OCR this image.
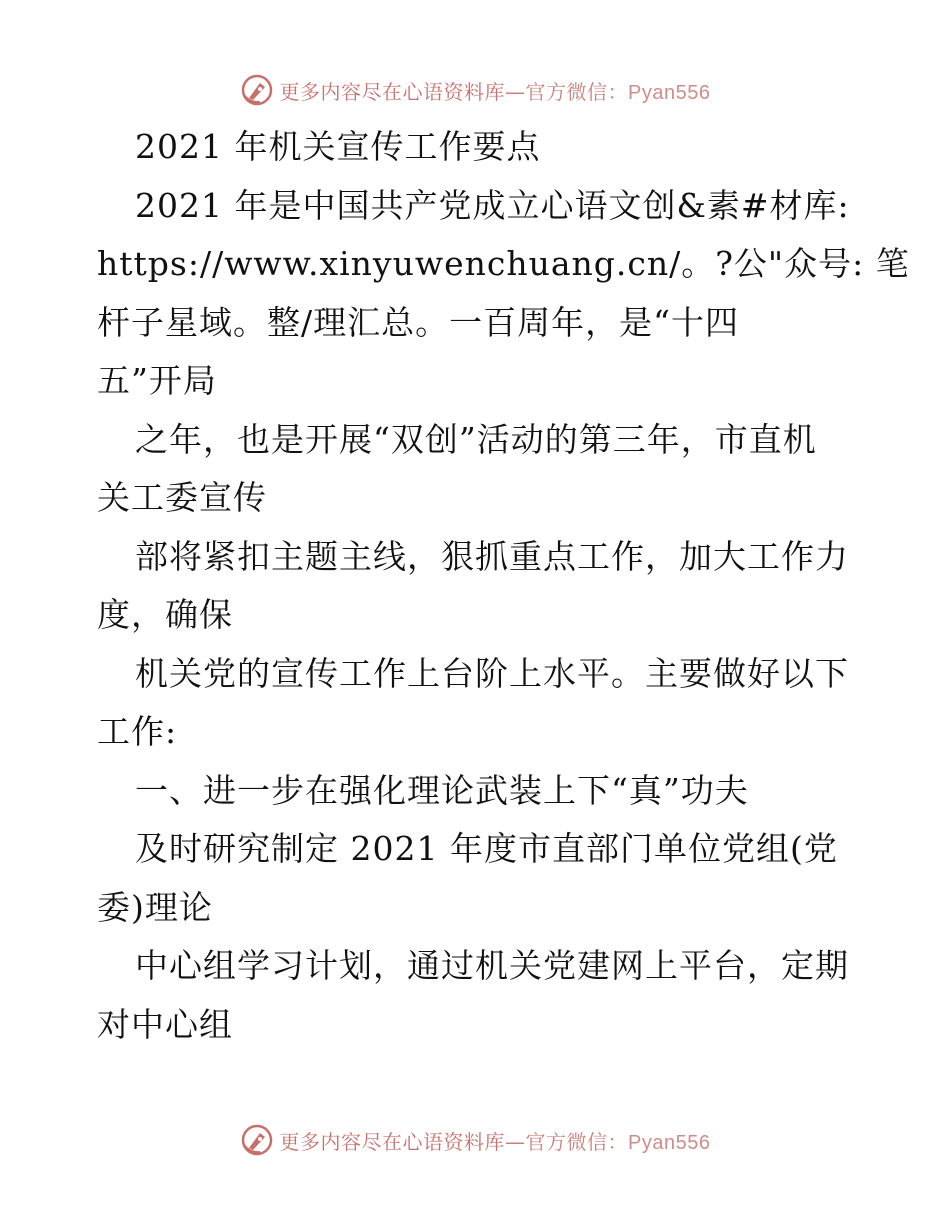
更多内容尽在心语资料库—官方微信：Pyan556
2021 年机关宣传工作要点
2021 年是中国共产党成立心语文创&素#材库:
https://www.xinyuwenchuang.cn/。?公"众号: 笔
杆子星域。整/理汇总。一百周年，是“十四
五”开局
之年，也是开展“双创”活动的第三年，市直机
关工委宣传
部将紧扣主题主线，狠抓重点工作，加大工作力
度，确保
机关党的宣传工作上台阶上水平。主要做好以下
工作:
一、进一步在强化理论武装上下“真”功夫
及时研究制定 2021 年度市直部门单位党组(党
委)理论
中心组学习计划，通过机关党建网上平台，定期
对中心组
更多内容尽在心语资料库—官方微信：Pyan556
